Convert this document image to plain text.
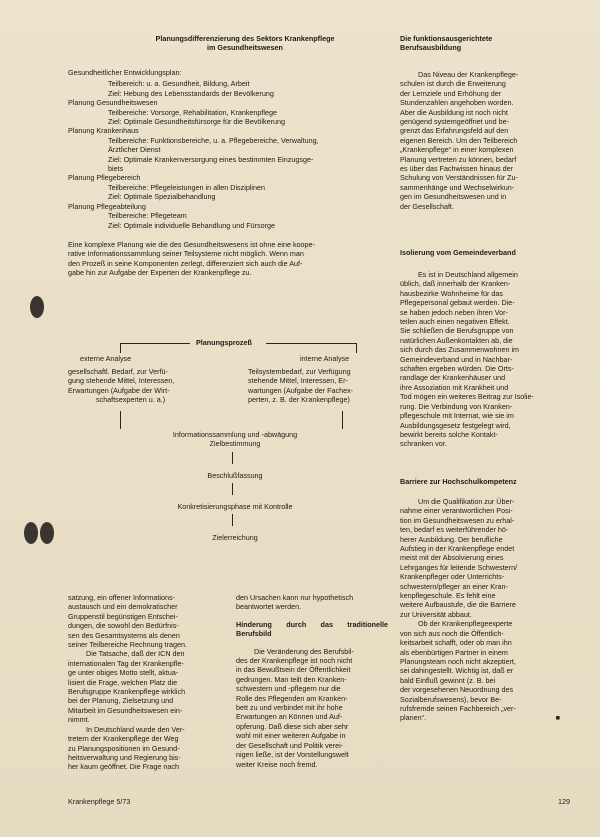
Planungsdifferenzierung des Sektors Krankenpflege
im Gesundheitswesen
Gesundheitlicher Entwicklungsplan:
Teilbereich: u. a. Gesundheit, Bildung, Arbeit
Ziel: Hebung des Lebensstandards der Bevölkerung
Planung Gesundheitswesen
Teilbereiche: Vorsorge, Rehabilitation, Krankenpflege
Ziel: Optimale Gesundheitsfürsorge für die Bevölkerung
Planung Krankenhaus
Teilbereiche: Funktionsbereiche, u. a. Pflegebereiche, Verwaltung,
Ärztlicher Dienst
Ziel: Optimale Krankenversorgung eines bestimmten Einzugsge-
biets
Planung Pflegebereich
Teilbereiche: Pflegeleistungen in allen Disziplinen
Ziel: Optimale Spezialbehandlung
Planung Pflegeabteilung
Teilbereiche: Pflegeteam
Ziel: Optimale individuelle Behandlung und Fürsorge
Eine komplexe Planung wie die des Gesundheitswesens ist ohne eine koope-
rative Informationssammlung seiner Teilsysteme nicht möglich. Wenn man
den Prozeß in seine Komponenten zerlegt, differenziert sich auch die Auf-
gabe hin zur Aufgabe der Experten der Krankenpflege zu.
Planungsprozeß
externe Analyse	interne Analyse
gesellschaftl. Bedarf, zur Verfü-
gung stehende Mittel, Interessen,
Erwartungen (Aufgabe der Wirt-
schaftsexperten u. a.)
Teilsystembedarf, zur Verfügung
stehende Mittel, Interessen, Er-
wartungen (Aufgabe der Fachex-
perten, z. B. der Krankenpflege)
Informationssammlung und -abwägung
Zielbestimmung
Beschlußfassung
Konkretisierungsphase mit Kontrolle
Zielerreichung
Die funktionsausgerichtete
Berufsausbildung
Das Niveau der Krankenpflege-
schulen ist durch die Erweiterung
der Lernziele und Erhöhung der
Stundenzahlen angehoben worden.
Aber die Ausbildung ist noch nicht
genügend systemgeöffnet und be-
grenzt das Erfahrungsfeld auf den
eigenen Bereich. Um den Teilbereich
„Krankenpflege“ in einer komplexen
Planung vertreten zu können, bedarf
es über das Fachwissen hinaus der
Schulung von Verständnissen für Zu-
sammenhänge und Wechselwirkun-
gen im Gesundheitswesen und in
der Gesellschaft.
Isolierung vom Gemeindeverband
Es ist in Deutschland allgemein
üblich, daß innerhalb der Kranken-
hausbezirke Wohnheime für das
Pflegepersonal gebaut werden. Die-
se haben jedoch neben ihren Vor-
teilen auch einen negativen Effekt.
Sie schließen die Berufsgruppe von
natürlichen Außenkontakten ab, die
sich durch das Zusammenwohnen im
Gemeindeverband und in Nachbar-
schaften ergeben würden. Die Orts-
randlage der Krankenhäuser und
ihre Assoziation mit Krankheit und
Tod mögen ein weiteres Beitrag zur Isolie-
rung. Die Verbindung von Kranken-
pflegeschule mit Internat, wie sie im
Ausbildungsgesetz festgelegt wird,
bewirkt bereits solche Kontakt-
schranken vor.
Barriere zur Hochschulkompetenz
Um die Qualifikation zur Über-
nahme einer verantwortlichen Posi-
tion im Gesundheitswesen zu erhal-
ten, bedarf es weiterführender hö-
herer Ausbildung. Der berufliche
Aufstieg in der Krankenpflege endet
meist mit der Absolvierung eines
Lehrganges für leitende Schwestern/
Krankenpfleger oder Unterrichts-
schwestern/pfleger an einer Kran-
kenpflegeschule. Es fehlt eine
weitere Aufbaustufe, die die Barriere
zur Universität abbaut.
Ob der Krankenpflegeexperte
von sich aus noch die Öffentlich-
keitsarbeit schafft, oder ob man ihn
als ebenbürtigen Partner in einem
Planungsteam noch nicht akzeptiert,
sei dahingestellt. Wichtig ist, daß er
bald Einfluß gewinnt (z. B. bei
der vorgesehenen Neuordnung des
Sozialberufswesens), bevor Be-
rufsfremde seinen Fachbereich „ver-
planen“.	■
satzung, ein offener Informations-
austausch und ein demokratischer
Gruppenstil begünstigen Entschei-
dungen, die sowohl den Bedürfnis-
sen des Gesamtsystems als denen
seiner Teilbereiche Rechnung tragen.
Die Tatsache, daß der ICN den
internationalen Tag der Krankenpfle-
ge unter obiges Motto stellt, aktua-
lisiert die Frage, welchen Platz die
Berufsgruppe Krankenpflege wirklich
bei der Planung, Zielsetzung und
Mitarbeit im Gesundheitswesen ein-
nimmt.
In Deutschland wurde den Ver-
tretern der Krankenpflege der Weg
zu Planungspositionen im Gesund-
heitsverwaltung und Regierung bis-
her kaum geöffnet. Die Frage nach
den Ursachen kann nur hypothetisch
beantwortet werden.
Hinderung durch das traditionelle Berufsbild
Die Veränderung des Berufsbil-
des der Krankenpflege ist noch nicht
in das Bewußtsein der Öffentlichkeit
gedrungen. Man teilt den Kranken-
schwestern und -pflegern nur die
Rolle des Pflegenden am Kranken-
bett zu und verbindet mit ihr hohe
Erwartungen an Können und Auf-
opferung. Daß diese sich aber sehr
wohl mit einer weiteren Aufgabe in
der Gesellschaft und Politik verei-
nigen ließe, ist der Vorstellungswelt
weiter Kreise noch fremd.
Krankenpflege 5/73	129
